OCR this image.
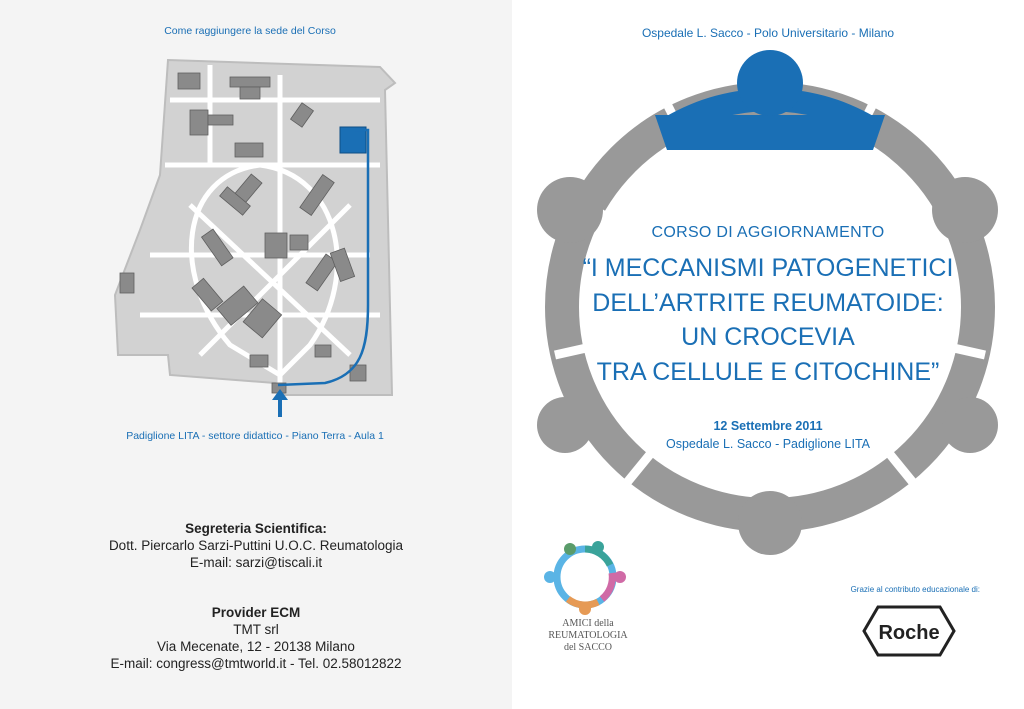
Come raggiungere la sede del Corso
Padiglione LITA - settore didattico - Piano Terra - Aula 1
Segreteria Scientifica:
Dott. Piercarlo Sarzi-Puttini U.O.C. Reumatologia
E-mail: sarzi@tiscali.it
Provider ECM
TMT srl
Via Mecenate, 12 - 20138 Milano
E-mail: congress@tmtworld.it - Tel. 02.58012822
Ospedale L. Sacco - Polo Universitario - Milano
CORSO DI AGGIORNAMENTO
“I MECCANISMI PATOGENETICI
DELL’ARTRITE REUMATOIDE:
UN CROCEVIA
TRA CELLULE E CITOCHINE”
12 Settembre 2011
Ospedale L. Sacco - Padiglione LITA
AMICI della
REUMATOLOGIA
del SACCO
Grazie al contributo educazionale di:
Roche
